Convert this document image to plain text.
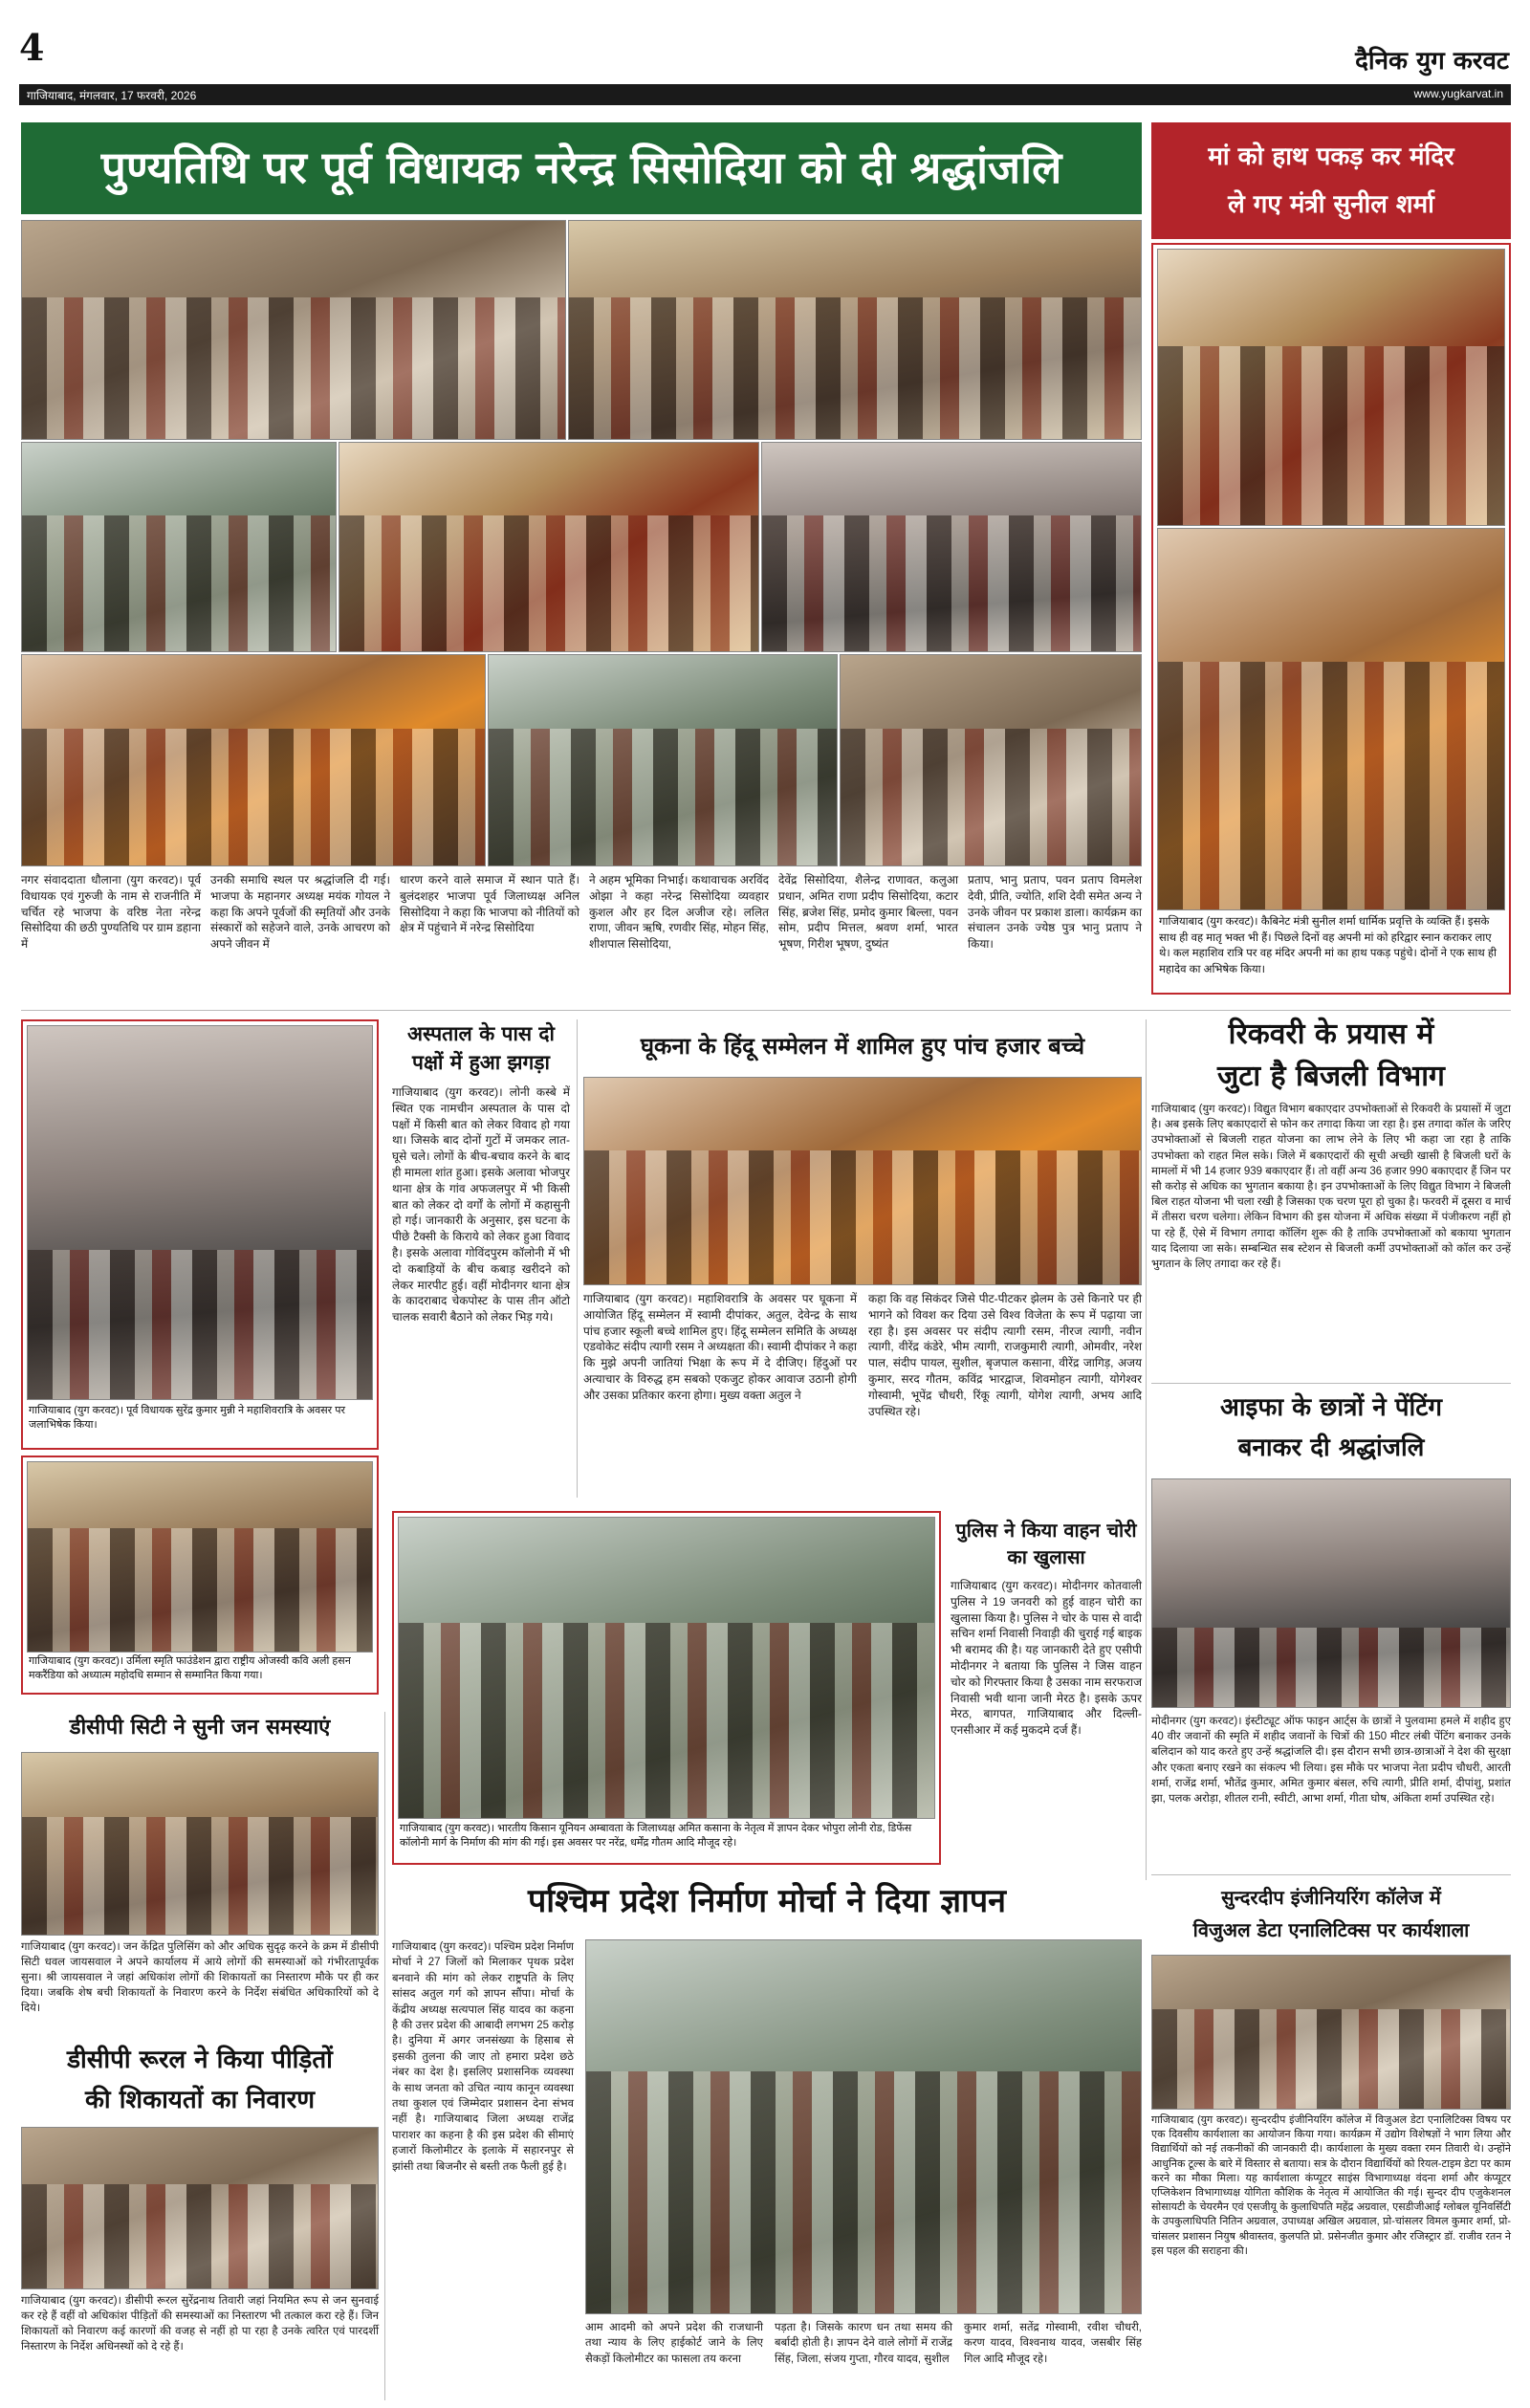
4	दैनिक युग करवट
गाजियाबाद, मंगलवार, 17 फरवरी, 2026	www.yugkarvat.in
पुण्यतिथि पर पूर्व विधायक नरेन्द्र सिसोदिया को दी श्रद्धांजलि
नगर संवाददाता धौलाना (युग करवट)। पूर्व विधायक एवं गुरुजी के नाम से राजनीति में चर्चित रहे भाजपा के वरिष्ठ नेता नरेन्द्र सिसोदिया की छठी पुण्यतिथि पर ग्राम डहाना में
उनकी समाधि स्थल पर श्रद्धांजलि दी गई। भाजपा के महानगर अध्यक्ष मयंक गोयल ने कहा कि अपने पूर्वजों की स्मृतियों और उनके संस्कारों को सहेजने वाले, उनके आचरण को अपने जीवन में
धारण करने वाले समाज में स्थान पाते हैं। बुलंदशहर भाजपा पूर्व जिलाध्यक्ष अनिल सिसोदिया ने कहा कि भाजपा को नीतियों को क्षेत्र में पहुंचाने में नरेन्द्र सिसोदिया
ने अहम भूमिका निभाई। कथावाचक अरविंद ओझा ने कहा नरेन्द्र सिसोदिया व्यवहार कुशल और हर दिल अजीज रहे। ललित राणा, जीवन ऋषि, रणवीर सिंह, मोहन सिंह, शीशपाल सिसोदिया,
देवेंद्र सिसोदिया, शैलेन्द्र राणावत, कलुआ प्रधान, अमित राणा प्रदीप सिसोदिया, कटार सिंह, ब्रजेश सिंह, प्रमोद कुमार बिल्ला, पवन सोम, प्रदीप मित्तल, श्रवण शर्मा, भारत भूषण, गिरीश भूषण, दुष्यंत
प्रताप, भानु प्रताप, पवन प्रताप विमलेश देवी, प्रीति, ज्योति, शशि देवी समेत अन्य ने उनके जीवन पर प्रकाश डाला। कार्यक्रम का संचालन उनके ज्येष्ठ पुत्र भानु प्रताप ने किया।
मां को हाथ पकड़ कर मंदिर
ले गए मंत्री सुनील शर्मा
गाजियाबाद (युग करवट)। कैबिनेट मंत्री सुनील शर्मा धार्मिक प्रवृत्ति के व्यक्ति हैं। इसके साथ ही वह मातृ भक्त भी हैं। पिछले दिनों वह अपनी मां को हरिद्वार स्नान कराकर लाए थे। कल महाशिव रात्रि पर वह मंदिर अपनी मां का हाथ पकड़ पहुंचे। दोनों ने एक साथ ही महादेव का अभिषेक किया।
गाजियाबाद (युग करवट)। पूर्व विधायक सुरेंद्र कुमार मुन्नी ने महाशिवरात्रि के अवसर पर जलाभिषेक किया।
गाजियाबाद (युग करवट)। उर्मिला स्मृति फाउंडेशन द्वारा राष्ट्रीय ओजस्वी कवि अली हसन मकरैंडिया को अध्यात्म महोदधि सम्मान से सम्मानित किया गया।
अस्पताल के पास दो पक्षों में हुआ झगड़ा
गाजियाबाद (युग करवट)। लोनी कस्बे में स्थित एक नामचीन अस्पताल के पास दो पक्षों में किसी बात को लेकर विवाद हो गया था। जिसके बाद दोनों गुटों में जमकर लात-घूसे चले। लोगों के बीच-बचाव करने के बाद ही मामला शांत हुआ। इसके अलावा भोजपुर थाना क्षेत्र के गांव अफजलपुर में भी किसी बात को लेकर दो वर्गों के लोगों में कहासुनी हो गई। जानकारी के अनुसार, इस घटना के पीछे टैक्सी के किराये को लेकर हुआ विवाद है। इसके अलावा गोविंदपुरम कॉलोनी में भी दो कबाड़ियों के बीच कबाड़ खरीदने को लेकर मारपीट हुई। वहीं मोदीनगर थाना क्षेत्र के कादराबाद चेकपोस्ट के पास तीन ऑटो चालक सवारी बैठाने को लेकर भिड़ गये।
घूकना के हिंदू सम्मेलन में शामिल हुए पांच हजार बच्चे
गाजियाबाद (युग करवट)। महाशिवरात्रि के अवसर पर घूकना में आयोजित हिंदू सम्मेलन में स्वामी दीपांकर, अतुल, देवेन्द्र के साथ पांच हजार स्कूली बच्चे शामिल हुए। हिंदू सम्मेलन समिति के अध्यक्ष एडवोकेट संदीप त्यागी रसम ने अध्यक्षता की। स्वामी दीपांकर ने कहा कि मुझे अपनी जातियां भिक्षा के रूप में दे दीजिए। हिंदुओं पर अत्याचार के विरुद्ध हम सबको एकजुट होकर आवाज उठानी होगी और उसका प्रतिकार करना होगा। मुख्य वक्ता अतुल ने
कहा कि वह सिकंदर जिसे पीट-पीटकर झेलम के उसे किनारे पर ही भागने को विवश कर दिया उसे विश्व विजेता के रूप में पढ़ाया जा रहा है। इस अवसर पर संदीप त्यागी रसम, नीरज त्यागी, नवीन त्यागी, वीरेंद्र कंडेरे, भीम त्यागी, राजकुमारी त्यागी, ओमवीर, नरेश पाल, संदीप पायल, सुशील, बृजपाल कसाना, वीरेंद्र जागिड़, अजय कुमार, सरद गौतम, कविंद्र भारद्वाज, शिवमोहन त्यागी, योगेश्वर गोस्वामी, भूपेंद्र चौधरी, रिंकू त्यागी, योगेश त्यागी, अभय आदि उपस्थित रहे।
गाजियाबाद (युग करवट)। भारतीय किसान यूनियन अम्बावता के जिलाध्यक्ष अमित कसाना के नेतृत्व में ज्ञापन देकर भोपुरा लोनी रोड, डिफेंस कॉलोनी मार्ग के निर्माण की मांग की गई। इस अवसर पर नरेंद्र, धर्मेंद्र गौतम आदि मौजूद रहे।
पुलिस ने किया वाहन चोरी का खुलासा
गाजियाबाद (युग करवट)। मोदीनगर कोतवाली पुलिस ने 19 जनवरी को हुई वाहन चोरी का खुलासा किया है। पुलिस ने चोर के पास से वादी सचिन शर्मा निवासी निवाड़ी की चुराई गई बाइक भी बरामद की है। यह जानकारी देते हुए एसीपी मोदीनगर ने बताया कि पुलिस ने जिस वाहन चोर को गिरफ्तार किया है उसका नाम सरफराज निवासी भवी थाना जानी मेरठ है। इसके ऊपर मेरठ, बागपत, गाजियाबाद और दिल्ली-एनसीआर में कई मुकदमे दर्ज हैं।
रिकवरी के प्रयास में
जुटा है बिजली विभाग
गाजियाबाद (युग करवट)। विद्युत विभाग बकाएदार उपभोक्ताओं से रिकवरी के प्रयासों में जुटा है। अब इसके लिए बकाएदारों से फोन कर तगादा किया जा रहा है। इस तगादा कॉल के जरिए उपभोक्ताओं से बिजली राहत योजना का लाभ लेने के लिए भी कहा जा रहा है ताकि उपभोक्ता को राहत मिल सके। जिले में बकाएदारों की सूची अच्छी खासी है बिजली घरों के मामलों में भी 14 हजार 939 बकाएदार हैं। तो वहीं अन्य 36 हजार 990 बकाएदार हैं जिन पर सौ करोड़ से अधिक का भुगतान बकाया है। इन उपभोक्ताओं के लिए विद्युत विभाग ने बिजली बिल राहत योजना भी चला रखी है जिसका एक चरण पूरा हो चुका है। फरवरी में दूसरा व मार्च में तीसरा चरण चलेगा। लेकिन विभाग की इस योजना में अधिक संख्या में पंजीकरण नहीं हो पा रहे हैं, ऐसे में विभाग तगादा कॉलिंग शुरू की है ताकि उपभोक्ताओं को बकाया भुगतान याद दिलाया जा सके। सम्बन्धित सब स्टेशन से बिजली कर्मी उपभोक्ताओं को कॉल कर उन्हें भुगतान के लिए तगादा कर रहे हैं।
आइफा के छात्रों ने पेंटिंग
बनाकर दी श्रद्धांजलि
मोदीनगर (युग करवट)। इंस्टीट्यूट ऑफ फाइन आर्ट्स के छात्रों ने पुलवामा हमले में शहीद हुए 40 वीर जवानों की स्मृति में शहीद जवानों के चित्रों की 150 मीटर लंबी पेंटिंग बनाकर उनके बलिदान को याद करते हुए उन्हें श्रद्धांजलि दी। इस दौरान सभी छात्र-छात्राओं ने देश की सुरक्षा और एकता बनाए रखने का संकल्प भी लिया। इस मौके पर भाजपा नेता प्रदीप चौधरी, आरती शर्मा, राजेंद्र शर्मा, भौतेंद्र कुमार, अमित कुमार बंसल, रुचि त्यागी, प्रीति शर्मा, दीपांशु, प्रशांत झा, पलक अरोड़ा, शीतल रानी, स्वीटी, आभा शर्मा, गीता घोष, अंकिता शर्मा उपस्थित रहे।
डीसीपी सिटी ने सुनी जन समस्याएं
गाजियाबाद (युग करवट)। जन केंद्रित पुलिसिंग को और अधिक सुदृढ़ करने के क्रम में डीसीपी सिटी धवल जायसवाल ने अपने कार्यालय में आये लोगों की समस्याओं को गंभीरतापूर्वक सुना। श्री जायसवाल ने जहां अधिकांश लोगों की शिकायतों का निस्तारण मौके पर ही कर दिया। जबकि शेष बची शिकायतों के निवारण करने के निर्देश संबंधित अधिकारियों को दे दिये।
डीसीपी रूरल ने किया पीड़ितों
की शिकायतों का निवारण
गाजियाबाद (युग करवट)। डीसीपी रूरल सुरेंद्रनाथ तिवारी जहां नियमित रूप से जन सुनवाई कर रहे हैं वहीं वो अधिकांश पीड़ितों की समस्याओं का निस्तारण भी तत्काल करा रहे हैं। जिन शिकायतों को निवारण कई कारणों की वजह से नहीं हो पा रहा है उनके त्वरित एवं पारदर्शी निस्तारण के निर्देश अधिनस्थों को दे रहे हैं।
पश्चिम प्रदेश निर्माण मोर्चा ने दिया ज्ञापन
गाजियाबाद (युग करवट)। पश्चिम प्रदेश निर्माण मोर्चा ने 27 जिलों को मिलाकर पृथक प्रदेश बनवाने की मांग को लेकर राष्ट्रपति के लिए सांसद अतुल गर्ग को ज्ञापन सौंपा। मोर्चा के केंद्रीय अध्यक्ष सत्यपाल सिंह यादव का कहना है की उत्तर प्रदेश की आबादी लगभग 25 करोड़ है। दुनिया में अगर जनसंख्या के हिसाब से इसकी तुलना की जाए तो हमारा प्रदेश छठे नंबर का देश है। इसलिए प्रशासनिक व्यवस्था के साथ जनता को उचित न्याय कानून व्यवस्था तथा कुशल एवं जिम्मेदार प्रशासन देना संभव नहीं है। गाजियाबाद जिला अध्यक्ष राजेंद्र पाराशर का कहना है की इस प्रदेश की सीमाएं हजारों किलोमीटर के इलाके में सहारनपुर से झांसी तथा बिजनौर से बस्ती तक फैली हुई है।
आम आदमी को अपने प्रदेश की राजधानी तथा न्याय के लिए हाईकोर्ट जाने के लिए सैकड़ों किलोमीटर का फासला तय करना
पड़ता है। जिसके कारण धन तथा समय की बर्बादी होती है। ज्ञापन देने वाले लोगों में राजेंद्र सिंह, जिला, संजय गुप्ता, गौरव यादव, सुशील
कुमार शर्मा, सतेंद्र गोस्वामी, रवीश चौधरी, करण यादव, विश्वनाथ यादव, जसबीर सिंह गिल आदि मौजूद रहे।
सुन्दरदीप इंजीनियरिंग कॉलेज में
विजुअल डेटा एनालिटिक्स पर कार्यशाला
गाजियाबाद (युग करवट)। सुन्दरदीप इंजीनियरिंग कॉलेज में विजुअल डेटा एनालिटिक्स विषय पर एक दिवसीय कार्यशाला का आयोजन किया गया। कार्यक्रम में उद्योग विशेषज्ञों ने भाग लिया और विद्यार्थियों को नई तकनीकों की जानकारी दी। कार्यशाला के मुख्य वक्ता रमन तिवारी थे। उन्होंने आधुनिक टूल्स के बारे में विस्तार से बताया। सत्र के दौरान विद्यार्थियों को रियल-टाइम डेटा पर काम करने का मौका मिला। यह कार्यशाला कंप्यूटर साइंस विभागाध्यक्ष वंदना शर्मा और कंप्यूटर एप्लिकेशन विभागाध्यक्ष योगिता कौशिक के नेतृत्व में आयोजित की गई। सुन्दर दीप एजुकेशनल सोसायटी के चेयरमैन एवं एसजीयू के कुलाधिपति महेंद्र अग्रवाल, एसडीजीआई ग्लोबल यूनिवर्सिटी के उपकुलाधिपति नितिन अग्रवाल, उपाध्यक्ष अखिल अग्रवाल, प्रो-चांसलर विमल कुमार शर्मा, प्रो-चांसलर प्रशासन नियुष श्रीवास्तव, कुलपति प्रो. प्रसेनजीत कुमार और रजिस्ट्रार डॉ. राजीव रतन ने इस पहल की सराहना की।
